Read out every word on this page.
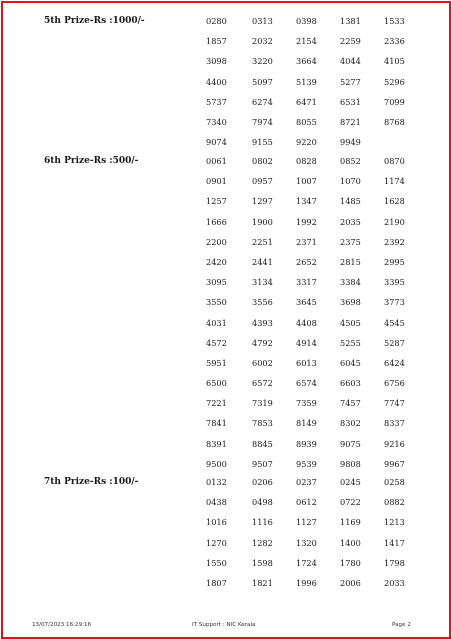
5th Prize-Rs :1000/-	0280	0313	0398	1381	1533
1857	2032	2154	2259	2336
3098	3220	3664	4044	4105
4400	5097	5139	5277	5296
5737	6274	6471	6531	7099
7340	7974	8055	8721	8768
9074	9155	9220	9949
6th Prize-Rs :500/-	0061	0802	0828	0852	0870
0901	0957	1007	1070	1174
1257	1297	1347	1485	1628
1666	1900	1992	2035	2190
2200	2251	2371	2375	2392
2420	2441	2652	2815	2995
3095	3134	3317	3384	3395
3550	3556	3645	3698	3773
4031	4393	4408	4505	4545
4572	4792	4914	5255	5287
5951	6002	6013	6045	6424
6500	6572	6574	6603	6756
7221	7319	7359	7457	7747
7841	7853	8149	8302	8337
8391	8845	8939	9075	9216
9500	9507	9539	9808	9967
7th Prize-Rs :100/-	0132	0206	0237	0245	0258
0438	0498	0612	0722	0882
1016	1116	1127	1169	1213
1270	1282	1320	1400	1417
1550	1598	1724	1780	1798
1807	1821	1996	2006	2033
13/07/2023 16:29:16	IT Support : NIC Kerala	Page 2
